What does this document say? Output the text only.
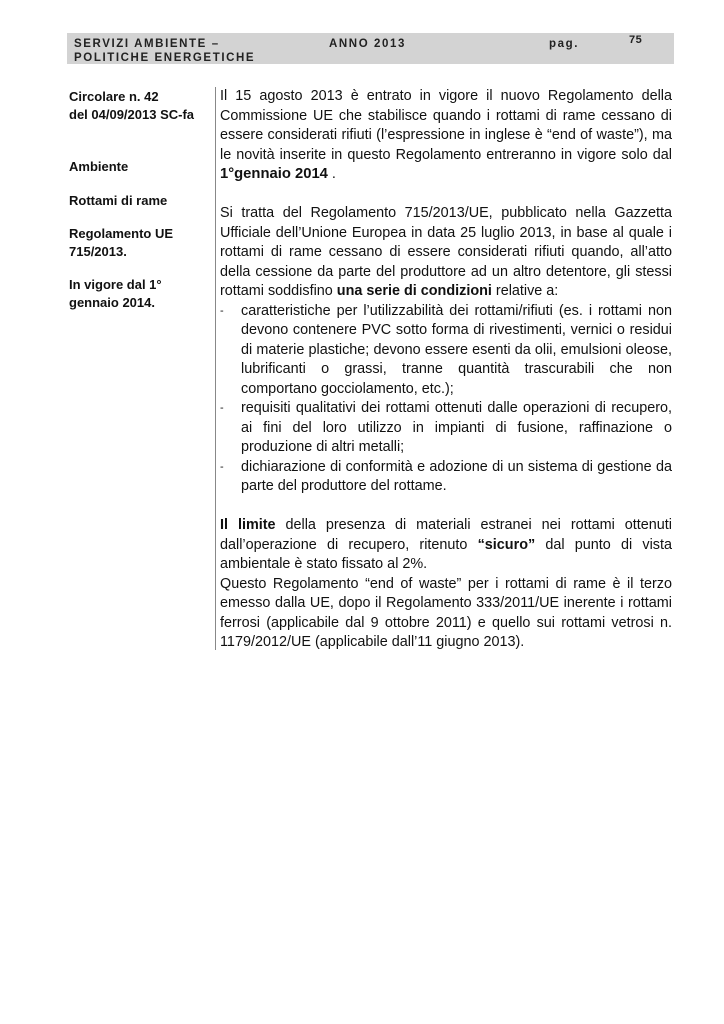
SERVIZI AMBIENTE –
POLITICHE ENERGETICHE
ANNO 2013	pag.	75
Circolare n. 42
del 04/09/2013 SC-fa
Ambiente
Rottami di rame
Regolamento UE
715/2013.
In vigore dal 1°
gennaio 2014.

Il 15 agosto 2013 è entrato in vigore il nuovo Regolamento della Commissione UE che stabilisce quando i rottami di rame cessano di essere considerati rifiuti (l’espressione in inglese è “end of waste”), ma le novità inserite in questo Regolamento entreranno in vigore solo dal 1°gennaio 2014 .

Si tratta del Regolamento 715/2013/UE, pubblicato nella Gazzetta Ufficiale dell’Unione Europea in data 25 luglio 2013, in base al quale i rottami di rame cessano di essere considerati rifiuti quando, all’atto della cessione da parte del produttore ad un altro detentore, gli stessi rottami soddisfino una serie di condizioni relative a:

- caratteristiche per l’utilizzabilità dei rottami/rifiuti (es. i rottami non devono contenere PVC sotto forma di rivestimenti, vernici o residui di materie plastiche; devono essere esenti da olii, emulsioni oleose, lubrificanti o grassi, tranne quantità trascurabili che non comportano gocciolamento, etc.);
- requisiti qualitativi dei rottami ottenuti dalle operazioni di recupero, ai fini del loro utilizzo in impianti di fusione, raffinazione o produzione di altri metalli;
- dichiarazione di conformità e adozione di un sistema di gestione da parte del produttore del rottame.

Il limite della presenza di materiali estranei nei rottami ottenuti dall’operazione di recupero, ritenuto “sicuro” dal punto di vista ambientale è stato fissato al 2%.

Questo Regolamento “end of waste” per i rottami di rame è il terzo emesso dalla UE, dopo il Regolamento 333/2011/UE inerente i rottami ferrosi (applicabile dal 9 ottobre 2011) e quello sui rottami vetrosi n. 1179/2012/UE (applicabile dall’11 giugno 2013).
